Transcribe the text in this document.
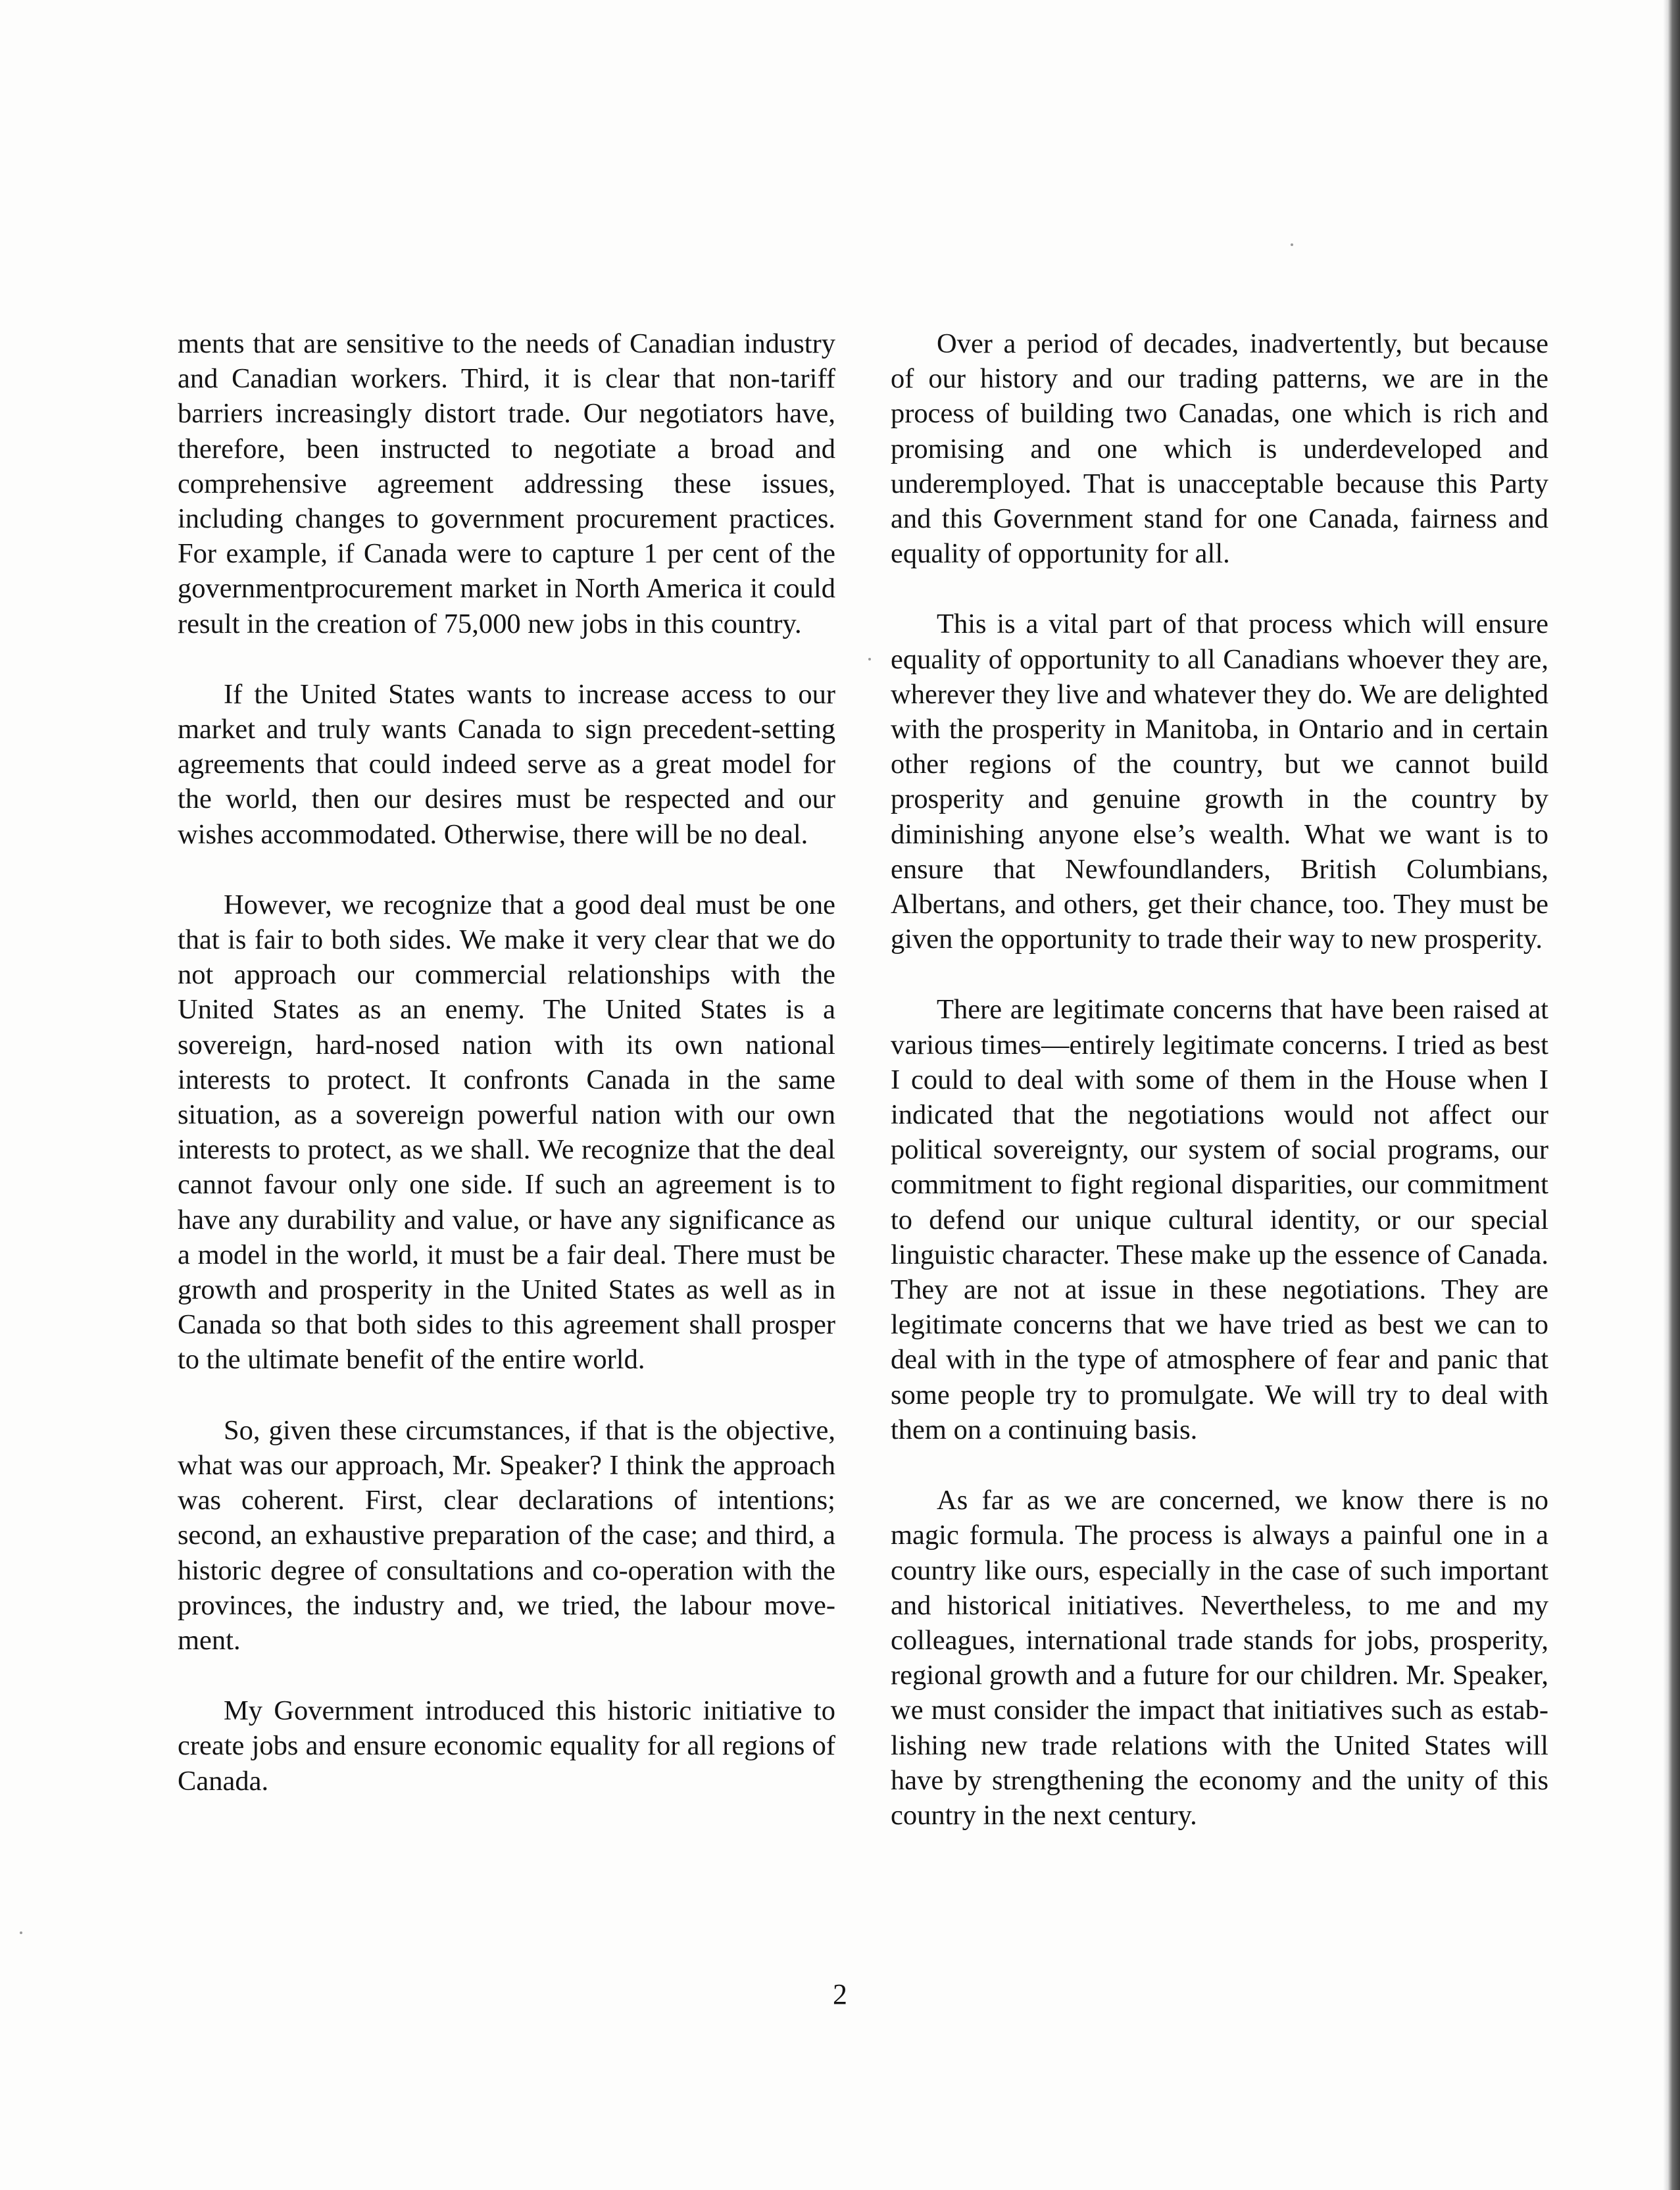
ments that are sensitive to the needs of Canadian industry and Canadian workers. Third, it is clear that non-tariff barriers increasingly distort trade. Our negotiators have, therefore, been instructed to negotiate a broad and comprehensive agreement addressing these issues, including changes to government procurement practices. For example, if Canada were to capture 1 per cent of the governmentprocurement market in North America it could result in the creation of 75,000 new jobs in this country.

If the United States wants to increase access to our market and truly wants Canada to sign precedent-setting agreements that could indeed serve as a great model for the world, then our desires must be respected and our wishes accommodated. Otherwise, there will be no deal.

However, we recognize that a good deal must be one that is fair to both sides. We make it very clear that we do not approach our commercial relationships with the United States as an enemy. The United States is a sovereign, hard-nosed nation with its own national interests to protect. It confronts Canada in the same situation, as a sovereign powerful nation with our own interests to protect, as we shall. We recognize that the deal cannot favour only one side. If such an agreement is to have any durability and value, or have any significance as a model in the world, it must be a fair deal. There must be growth and prosperity in the United States as well as in Canada so that both sides to this agreement shall prosper to the ultimate benefit of the entire world.

So, given these circumstances, if that is the objective, what was our approach, Mr. Speaker? I think the approach was coherent. First, clear declarations of intentions; second, an exhaustive preparation of the case; and third, a historic degree of consultations and co-operation with the provinces, the industry and, we tried, the labour movement.

My Government introduced this historic initiative to create jobs and ensure economic equality for all regions of Canada.

Over a period of decades, inadvertently, but because of our history and our trading patterns, we are in the process of building two Canadas, one which is rich and promising and one which is underdeveloped and underemployed. That is unacceptable because this Party and this Government stand for one Canada, fairness and equality of opportunity for all.

This is a vital part of that process which will ensure equality of opportunity to all Canadians whoever they are, wherever they live and whatever they do. We are delighted with the prosperity in Manitoba, in Ontario and in certain other regions of the country, but we cannot build prosperity and genuine growth in the country by diminishing anyone else’s wealth. What we want is to ensure that Newfoundlanders, British Columbians, Albertans, and others, get their chance, too. They must be given the opportunity to trade their way to new prosperity.

There are legitimate concerns that have been raised at various times—entirely legitimate concerns. I tried as best I could to deal with some of them in the House when I indicated that the negotiations would not affect our political sovereignty, our system of social programs, our commitment to fight regional disparities, our commitment to defend our unique cultural identity, or our special linguistic character. These make up the essence of Canada. They are not at issue in these negotiations. They are legitimate concerns that we have tried as best we can to deal with in the type of atmosphere of fear and panic that some people try to promulgate. We will try to deal with them on a continuing basis.

As far as we are concerned, we know there is no magic formula. The process is always a painful one in a country like ours, especially in the case of such important and historical initiatives. Nevertheless, to me and my colleagues, international trade stands for jobs, prosperity, regional growth and a future for our children. Mr. Speaker, we must consider the impact that initiatives such as establishing new trade relations with the United States will have by strengthening the economy and the unity of this country in the next century.

2
